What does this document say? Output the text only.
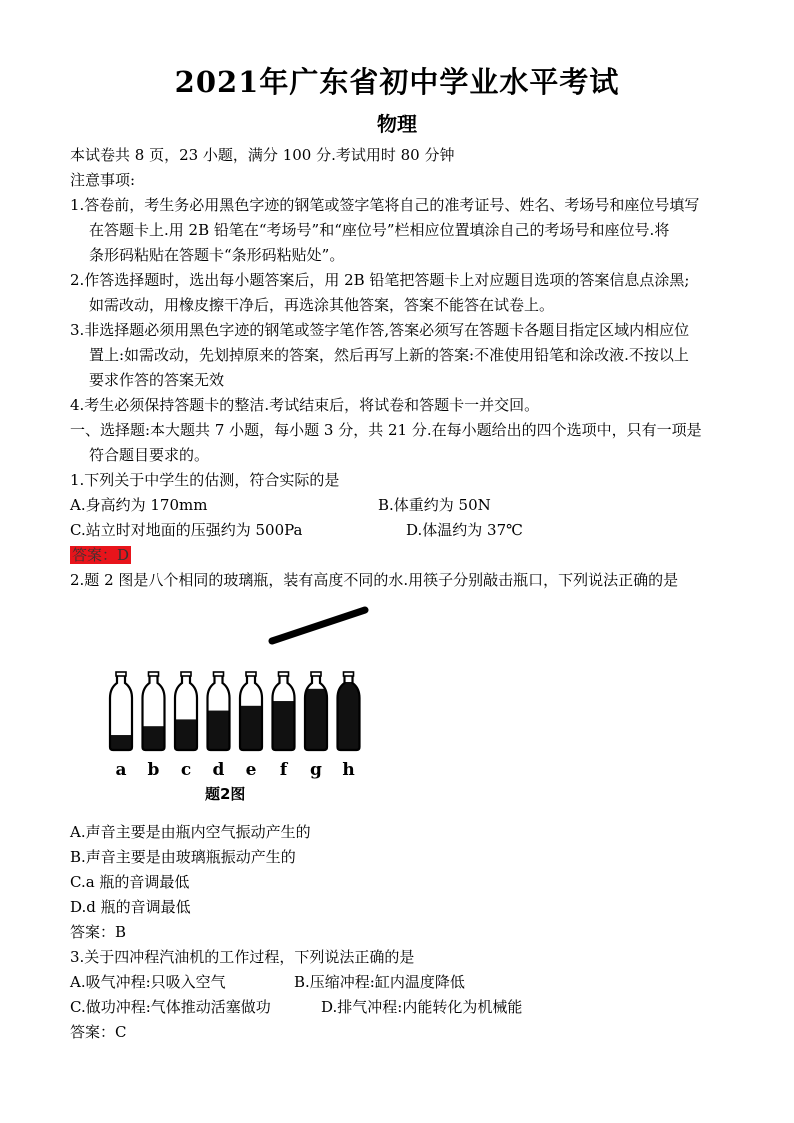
2021年广东省初中学业水平考试
物理
本试卷共 8 页，23 小题，满分 100 分.考试用时 80 分钟
注意事项:
1.答卷前，考生务必用黑色字迹的钢笔或签字笔将自己的准考证号、姓名、考场号和座位号填写
在答题卡上.用 2B 铅笔在“考场号”和“座位号”栏相应位置填涂自己的考场号和座位号.将
条形码粘贴在答题卡“条形码粘贴处”。
2.作答选择题时，选出每小题答案后，用 2B 铅笔把答题卡上对应题目选项的答案信息点涂黑;
如需改动，用橡皮擦干净后，再选涂其他答案，答案不能答在试卷上。
3.非选择题必须用黑色字迹的钢笔或签字笔作答,答案必须写在答题卡各题目指定区域内相应位
置上:如需改动，先划掉原来的答案，然后再写上新的答案:不准使用铅笔和涂改液.不按以上
要求作答的答案无效
4.考生必须保持答题卡的整洁.考试结束后，将试卷和答题卡一并交回。
一、选择题:本大题共 7 小题，每小题 3 分，共 21 分.在每小题给出的四个选项中，只有一项是
符合题目要求的。
1.下列关于中学生的估测，符合实际的是
A.身高约为 170mm	B.体重约为 50N
C.站立时对地面的压强约为 500Pa	D.体温约为 37℃
答案：D
2.题 2 图是八个相同的玻璃瓶，装有高度不同的水.用筷子分别敲击瓶口，下列说法正确的是
a b c d e f g h
题2图
A.声音主要是由瓶内空气振动产生的
B.声音主要是由玻璃瓶振动产生的
C.a 瓶的音调最低
D.d 瓶的音调最低
答案：B
3.关于四冲程汽油机的工作过程，下列说法正确的是
A.吸气冲程:只吸入空气	B.压缩冲程:缸内温度降低
C.做功冲程:气体推动活塞做功	D.排气冲程:内能转化为机械能
答案：C
